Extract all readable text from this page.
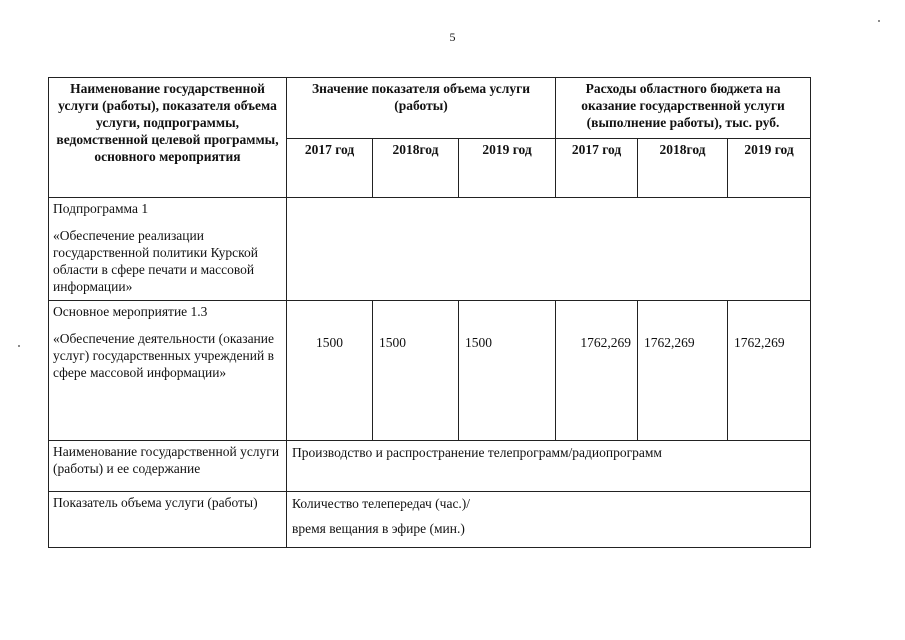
5
Наименование государственной услуги (работы), показателя объема услуги, подпрограммы, ведомственной целевой программы, основного мероприятия	Значение показателя объема услуги (работы)			Расходы областного бюджета на оказание государственной услуги (выполнение работы), тыс. руб.		
	2017 год	2018год	2019 год	2017 год	2018год	2019 год

Подпрограмма 1

«Обеспечение реализации государственной политики Курской области в сфере печати и массовой информации»						

Основное мероприятие 1.3

«Обеспечение деятельности (оказание услуг) государственных учреждений в сфере массовой информации»	1500	1500	1500	1762,269	1762,269	1762,269
Наименование государственной услуги (работы) и ее содержание	Производство и распространение телепрограмм/радиопрограмм					
Показатель объема услуги (работы)	Количество телепередач (час.)/

время вещания в эфире (мин.)					
